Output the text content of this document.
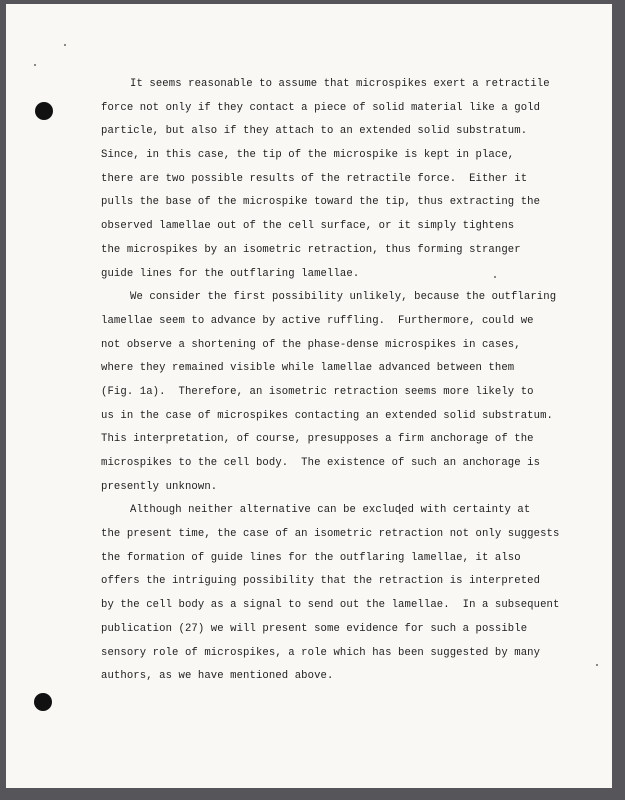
It seems reasonable to assume that microspikes exert a retractile
force not only if they contact a piece of solid material like a gold
particle, but also if they attach to an extended solid substratum.
Since, in this case, the tip of the microspike is kept in place,
there are two possible results of the retractile force.  Either it
pulls the base of the microspike toward the tip, thus extracting the
observed lamellae out of the cell surface, or it simply tightens
the microspikes by an isometric retraction, thus forming stranger
guide lines for the outflaring lamellae.
We consider the first possibility unlikely, because the outflaring
lamellae seem to advance by active ruffling.  Furthermore, could we
not observe a shortening of the phase-dense microspikes in cases,
where they remained visible while lamellae advanced between them
(Fig. 1a).  Therefore, an isometric retraction seems more likely to
us in the case of microspikes contacting an extended solid substratum.
This interpretation, of course, presupposes a firm anchorage of the
microspikes to the cell body.  The existence of such an anchorage is
presently unknown.
Although neither alternative can be excluded with certainty at
the present time, the case of an isometric retraction not only suggests
the formation of guide lines for the outflaring lamellae, it also
offers the intriguing possibility that the retraction is interpreted
by the cell body as a signal to send out the lamellae.  In a subsequent
publication (27) we will present some evidence for such a possible
sensory role of microspikes, a role which has been suggested by many
authors, as we have mentioned above.
